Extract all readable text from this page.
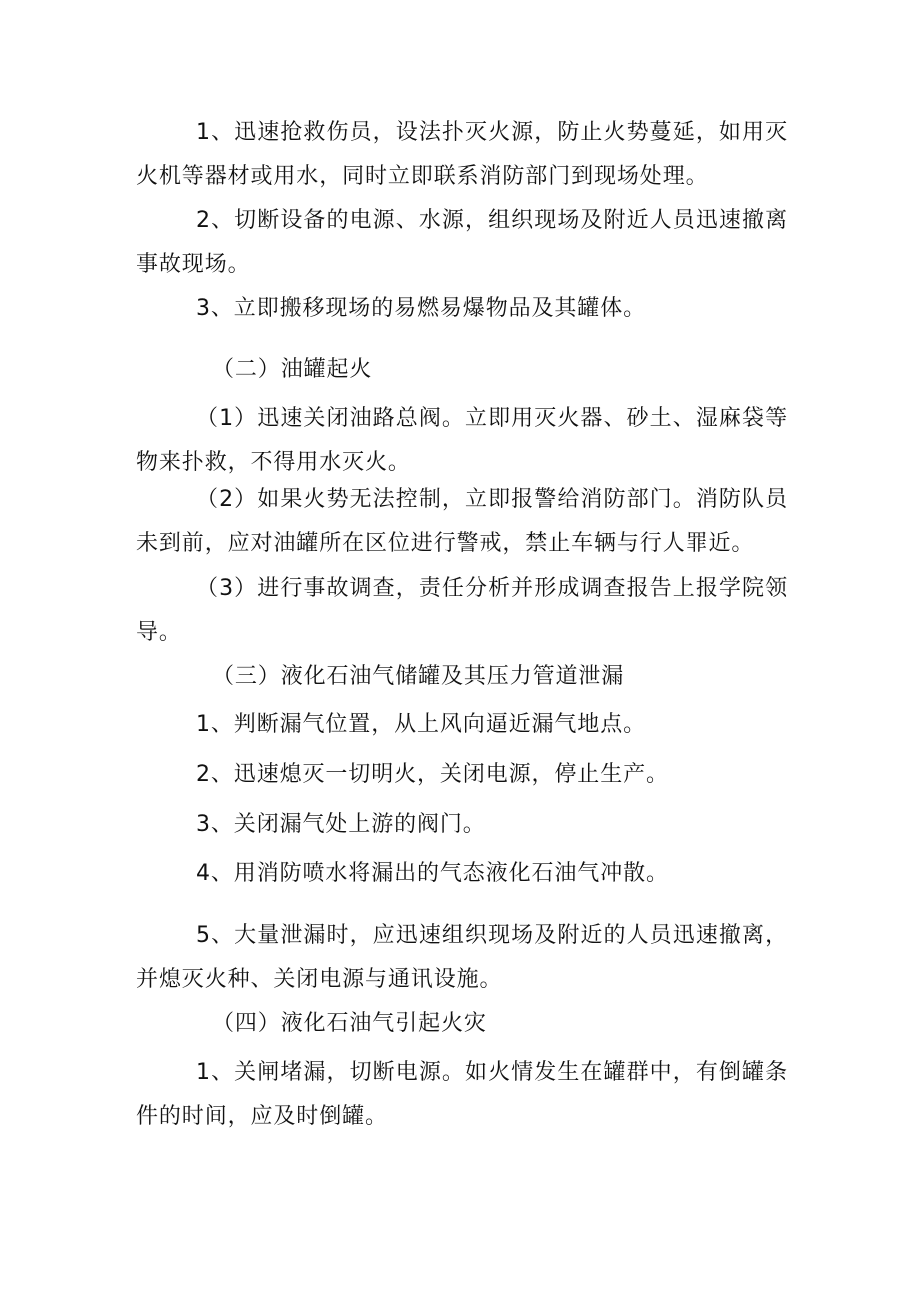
1、迅速抢救伤员，设法扑灭火源，防止火势蔓延，如用灭火机等器材或用水，同时立即联系消防部门到现场处理。

2、切断设备的电源、水源，组织现场及附近人员迅速撤离事故现场。

3、立即搬移现场的易燃易爆物品及其罐体。

（二）油罐起火

（1）迅速关闭油路总阀。立即用灭火器、砂土、湿麻袋等物来扑救，不得用水灭火。

（2）如果火势无法控制，立即报警给消防部门。消防队员未到前，应对油罐所在区位进行警戒，禁止车辆与行人罪近。

（3）进行事故调查，责任分析并形成调查报告上报学院领导。

（三）液化石油气储罐及其压力管道泄漏

1、判断漏气位置，从上风向逼近漏气地点。

2、迅速熄灭一切明火，关闭电源，停止生产。

3、关闭漏气处上游的阀门。

4、用消防喷水将漏出的气态液化石油气冲散。

5、大量泄漏时，应迅速组织现场及附近的人员迅速撤离，并熄灭火种、关闭电源与通讯设施。

（四）液化石油气引起火灾

1、关闸堵漏，切断电源。如火情发生在罐群中，有倒罐条件的时间，应及时倒罐。
